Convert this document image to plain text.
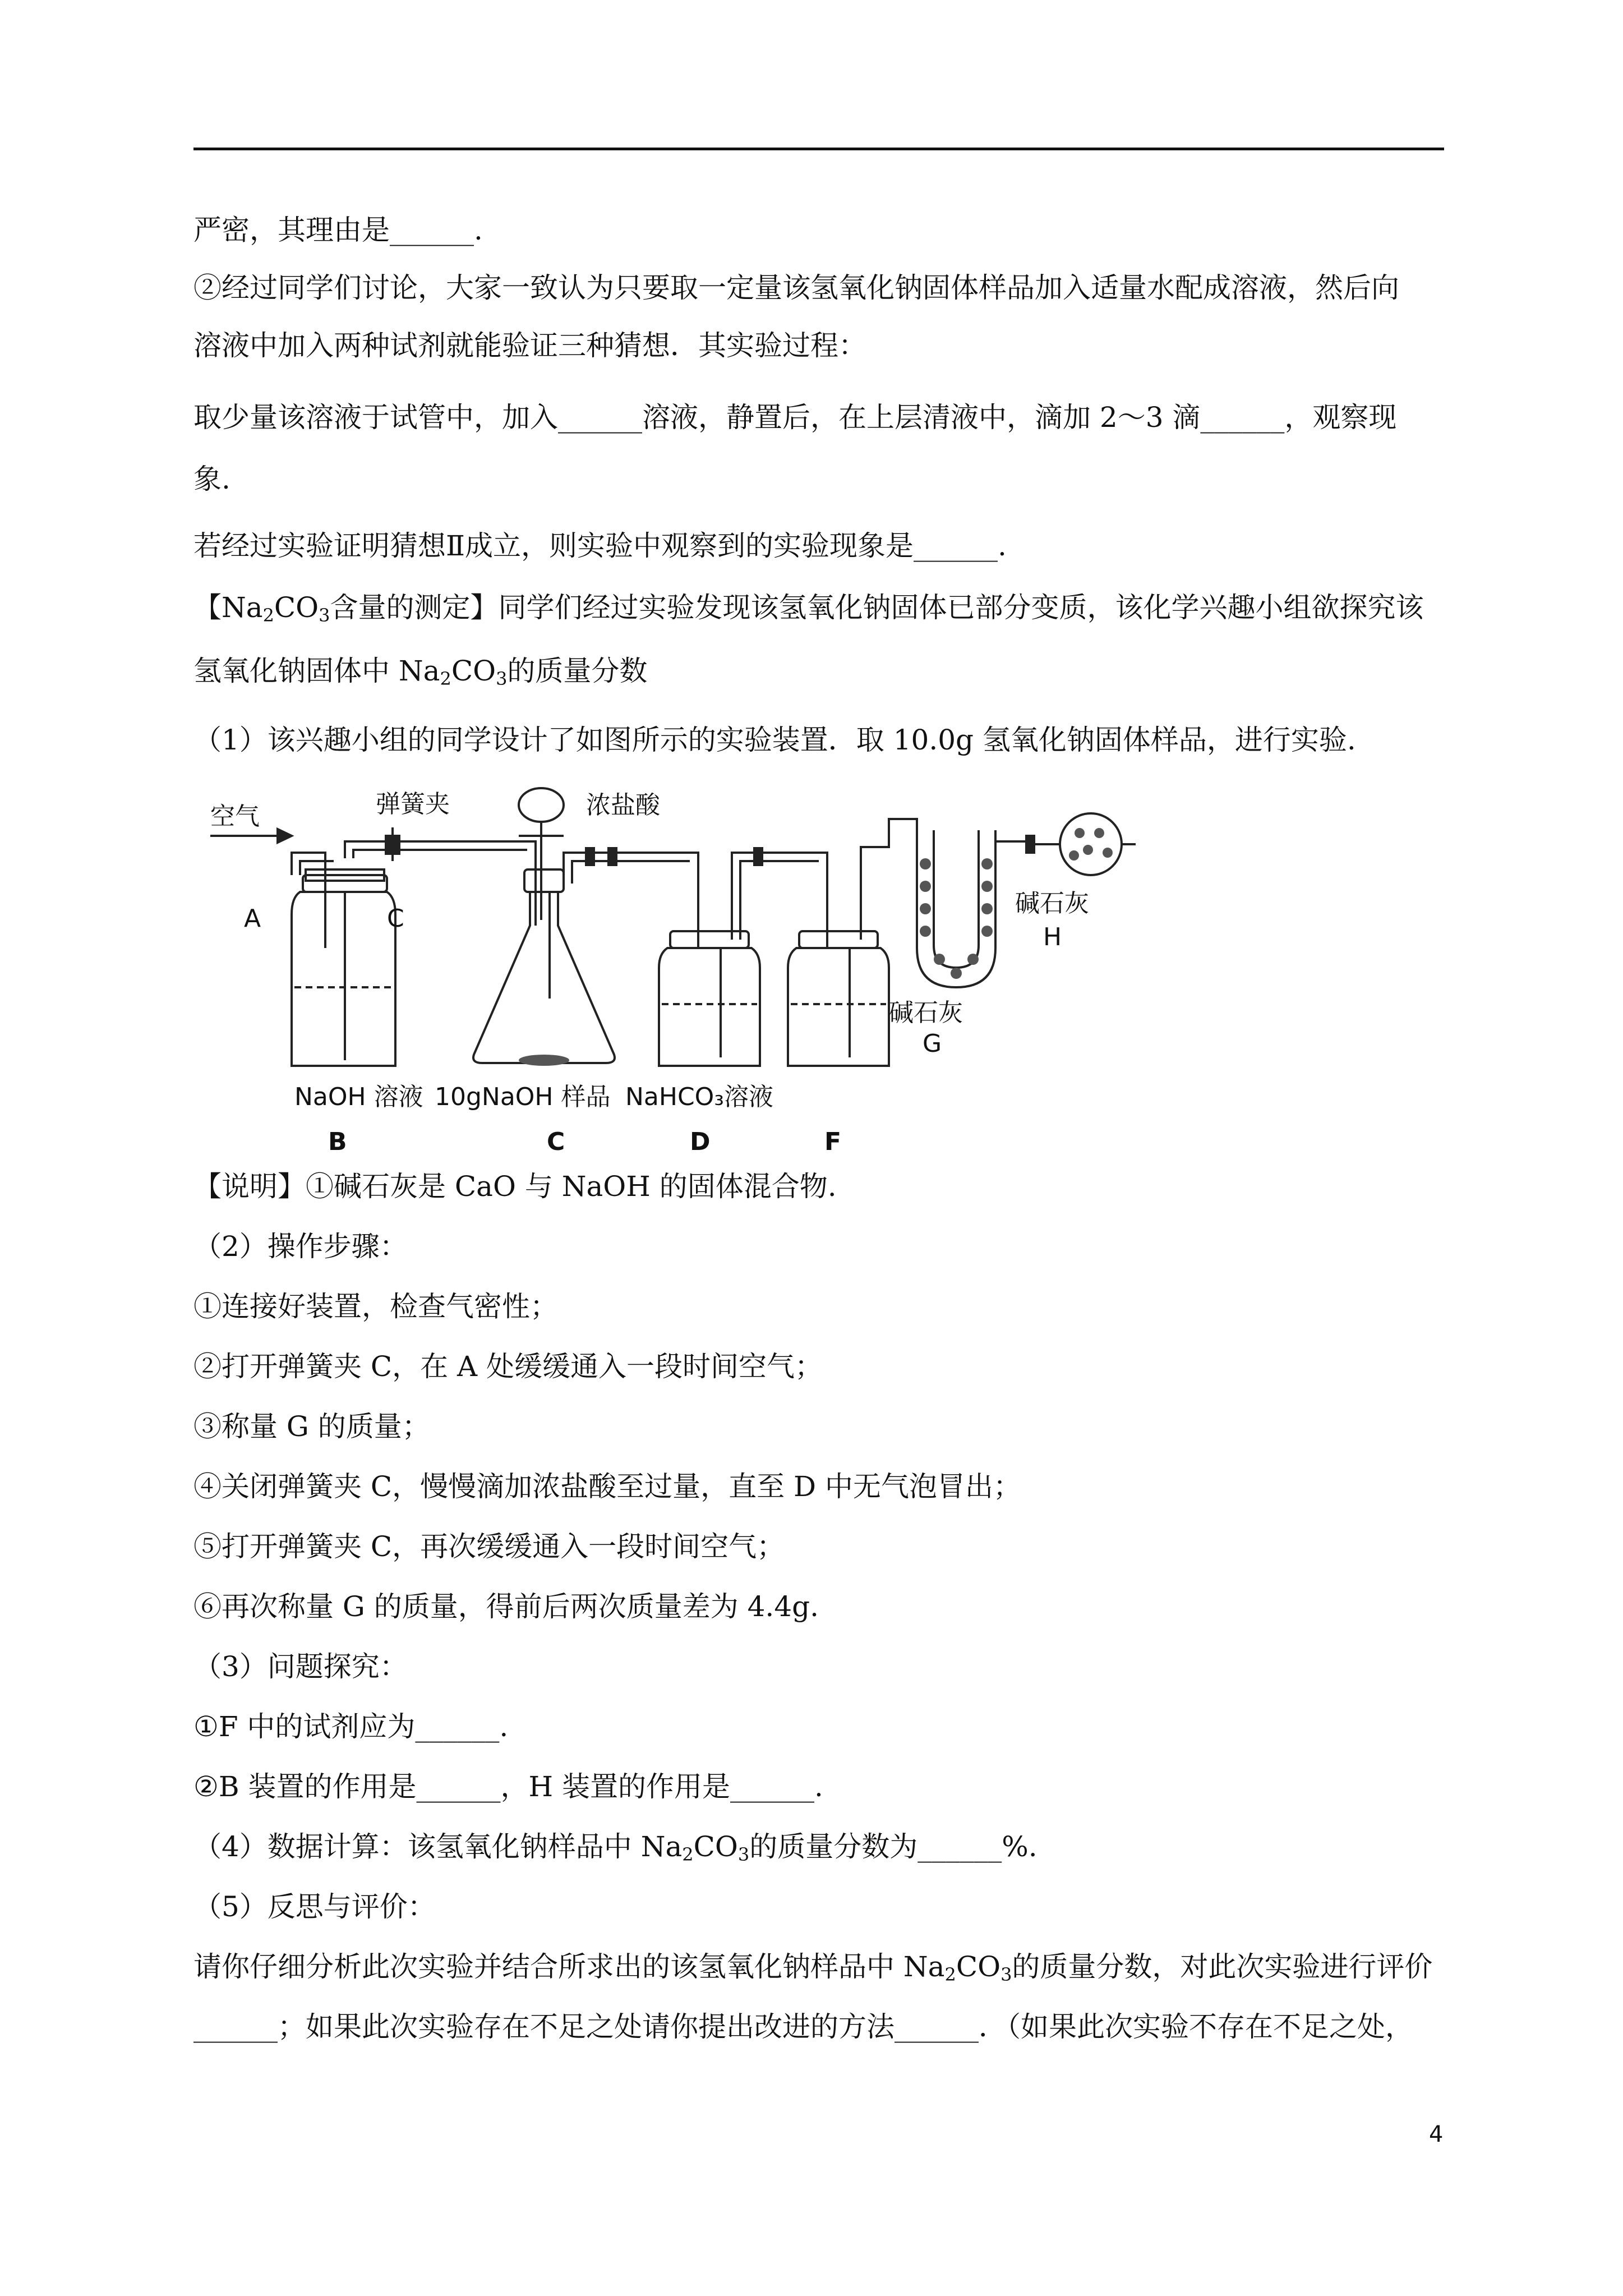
严密，其理由是______.
②经过同学们讨论，大家一致认为只要取一定量该氢氧化钠固体样品加入适量水配成溶液，然后向
溶液中加入两种试剂就能验证三种猜想．其实验过程：
取少量该溶液于试管中，加入______溶液，静置后，在上层清液中，滴加 2～3 滴______，观察现
象.
若经过实验证明猜想Ⅱ成立，则实验中观察到的实验现象是______.
【$Na_2CO_3$含量的测定】同学们经过实验发现该氢氧化钠固体已部分变质，该化学兴趣小组欲探究该
氢氧化钠固体中 $Na_2CO_3$的质量分数
（1）该兴趣小组的同学设计了如图所示的实验装置．取 10.0g 氢氧化钠固体样品，进行实验.
空气
A
弹簧夹
C
浓盐酸
碱石灰
G
碱石灰
H
NaOH 溶液 10gNaOH 样品 NaHCO₃溶液
B	C	D	F
【说明】①碱石灰是 CaO 与 NaOH 的固体混合物.
（2）操作步骤：
①连接好装置，检查气密性；
②打开弹簧夹 C，在 A 处缓缓通入一段时间空气；
③称量 G 的质量；
④关闭弹簧夹 C，慢慢滴加浓盐酸至过量，直至 D 中无气泡冒出；
⑤打开弹簧夹 C，再次缓缓通入一段时间空气；
⑥再次称量 G 的质量，得前后两次质量差为 4.4g.
（3）问题探究：
①F 中的试剂应为______.
②B 装置的作用是______，H 装置的作用是______.
（4）数据计算：该氢氧化钠样品中 $Na_2CO_3$的质量分数为______%.
（5）反思与评价：
请你仔细分析此次实验并结合所求出的该氢氧化钠样品中 $Na_2CO_3$的质量分数，对此次实验进行评价
______；如果此次实验存在不足之处请你提出改进的方法______．（如果此次实验不存在不足之处，
4
